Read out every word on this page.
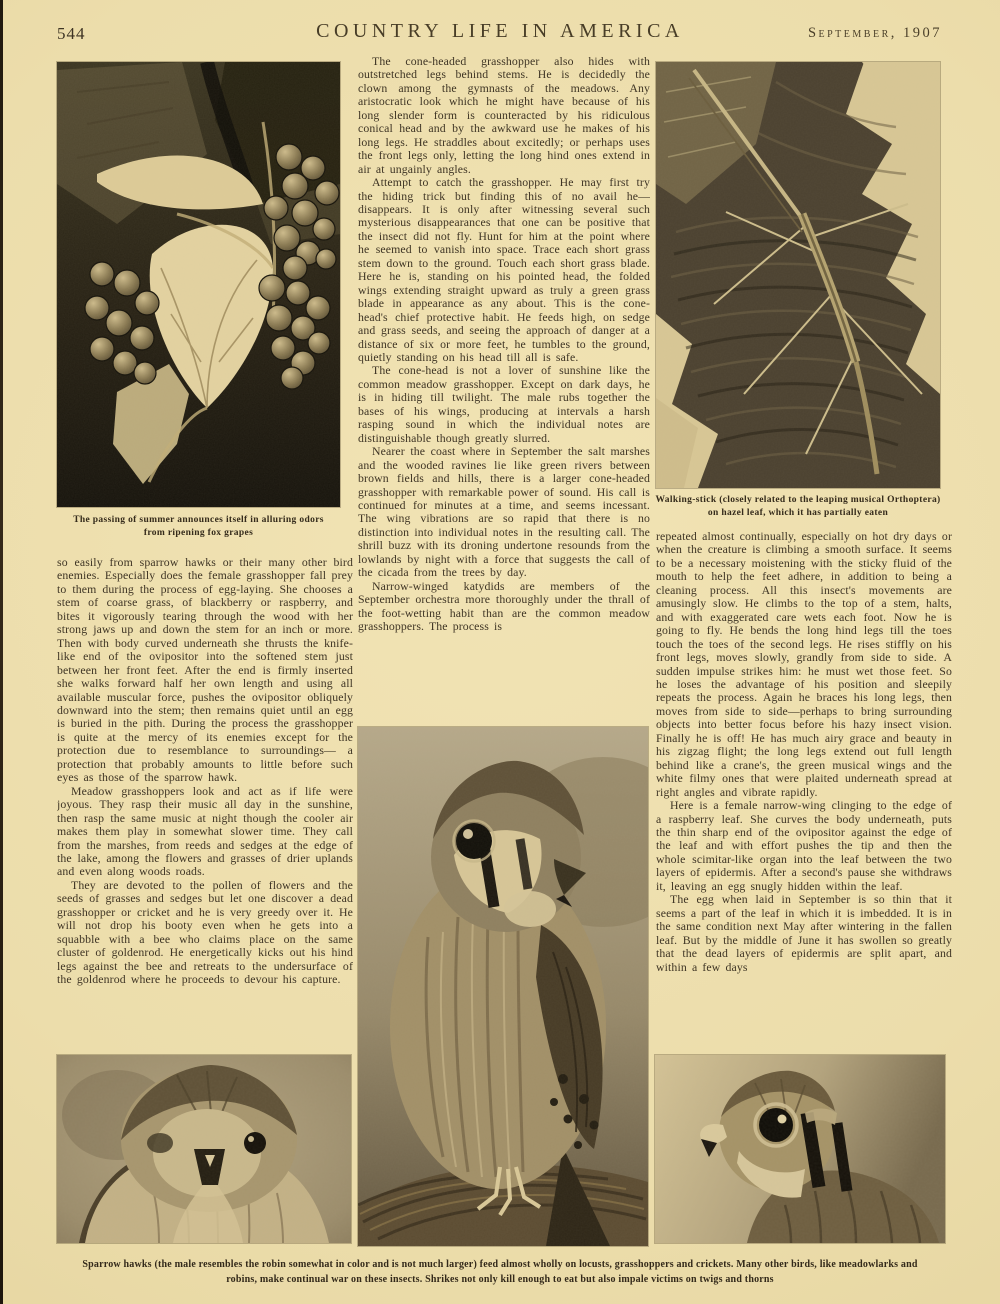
544	COUNTRY LIFE IN AMERICA	September, 1907
The passing of summer announces itself in alluring odors
from ripening fox grapes
Walking-stick (closely related to the leaping musical Orthoptera)
on hazel leaf, which it has partially eaten

so easily from sparrow hawks or their many other bird enemies. Especially does the female grasshopper fall prey to them during the process of egg-laying. She chooses a stem of coarse grass, of blackberry or raspberry, and bites it vigorously tearing through the wood with her strong jaws up and down the stem for an inch or more. Then with body curved underneath she thrusts the knife-like end of the ovipositor into the softened stem just between her front feet. After the end is firmly inserted she walks forward half her own length and using all available muscular force, pushes the ovipositor obliquely downward into the stem; then remains quiet until an egg is buried in the pith. During the process the grasshopper is quite at the mercy of its enemies except for the protection due to resemblance to surroundings— a protection that probably amounts to little before such eyes as those of the sparrow hawk.

Meadow grasshoppers look and act as if life were joyous. They rasp their music all day in the sunshine, then rasp the same music at night though the cooler air makes them play in somewhat slower time. They call from the marshes, from reeds and sedges at the edge of the lake, among the flowers and grasses of drier uplands and even along woods roads.

They are devoted to the pollen of flowers and the seeds of grasses and sedges but let one discover a dead grasshopper or cricket and he is very greedy over it. He will not drop his booty even when he gets into a squabble with a bee who claims place on the same cluster of goldenrod. He energetically kicks out his hind legs against the bee and retreats to the undersurface of the goldenrod where he proceeds to devour his capture.

The cone-headed grasshopper also hides with outstretched legs behind stems. He is decidedly the clown among the gymnasts of the meadows. Any aristocratic look which he might have because of his long slender form is counteracted by his ridiculous conical head and by the awkward use he makes of his long legs. He straddles about excitedly; or perhaps uses the front legs only, letting the long hind ones extend in air at ungainly angles.

Attempt to catch the grasshopper. He may first try the hiding trick but finding this of no avail he—disappears. It is only after witnessing several such mysterious disappearances that one can be positive that the insect did not fly. Hunt for him at the point where he seemed to vanish into space. Trace each short grass stem down to the ground. Touch each short grass blade. Here he is, standing on his pointed head, the folded wings extending straight upward as truly a green grass blade in appearance as any about. This is the cone-head's chief protective habit. He feeds high, on sedge and grass seeds, and seeing the approach of danger at a distance of six or more feet, he tumbles to the ground, quietly standing on his head till all is safe.

The cone-head is not a lover of sunshine like the common meadow grasshopper. Except on dark days, he is in hiding till twilight. The male rubs together the bases of his wings, producing at intervals a harsh rasping sound in which the individual notes are distinguishable though greatly slurred.

Nearer the coast where in September the salt marshes and the wooded ravines lie like green rivers between brown fields and hills, there is a larger cone-headed grasshopper with remarkable power of sound. His call is continued for minutes at a time, and seems incessant. The wing vibrations are so rapid that there is no distinction into individual notes in the resulting call. The shrill buzz with its droning undertone resounds from the lowlands by night with a force that suggests the call of the cicada from the trees by day.

Narrow-winged katydids are members of the September orchestra more thoroughly under the thrall of the foot-wetting habit than are the common meadow grasshoppers. The process is

repeated almost continually, especially on hot dry days or when the creature is climbing a smooth surface. It seems to be a necessary moistening with the sticky fluid of the mouth to help the feet adhere, in addition to being a cleaning process. All this insect's movements are amusingly slow. He climbs to the top of a stem, halts, and with exaggerated care wets each foot. Now he is going to fly. He bends the long hind legs till the toes touch the toes of the second legs. He rises stiffly on his front legs, moves slowly, grandly from side to side. A sudden impulse strikes him: he must wet those feet. So he loses the advantage of his position and sleepily repeats the process. Again he braces his long legs, then moves from side to side—perhaps to bring surrounding objects into better focus before his hazy insect vision. Finally he is off! He has much airy grace and beauty in his zigzag flight; the long legs extend out full length behind like a crane's, the green musical wings and the white filmy ones that were plaited underneath spread at right angles and vibrate rapidly.

Here is a female narrow-wing clinging to the edge of a raspberry leaf. She curves the body underneath, puts the thin sharp end of the ovipositor against the edge of the leaf and with effort pushes the tip and then the whole scimitar-like organ into the leaf between the two layers of epidermis. After a second's pause she withdraws it, leaving an egg snugly hidden within the leaf.

The egg when laid in September is so thin that it seems a part of the leaf in which it is imbedded. It is in the same condition next May after wintering in the fallen leaf. But by the middle of June it has swollen so greatly that the dead layers of epidermis are split apart, and within a few days

Sparrow hawks (the male resembles the robin somewhat in color and is not much larger) feed almost wholly on locusts, grasshoppers and crickets. Many other birds, like meadowlarks and
robins, make continual war on these insects. Shrikes not only kill enough to eat but also impale victims on twigs and thorns
